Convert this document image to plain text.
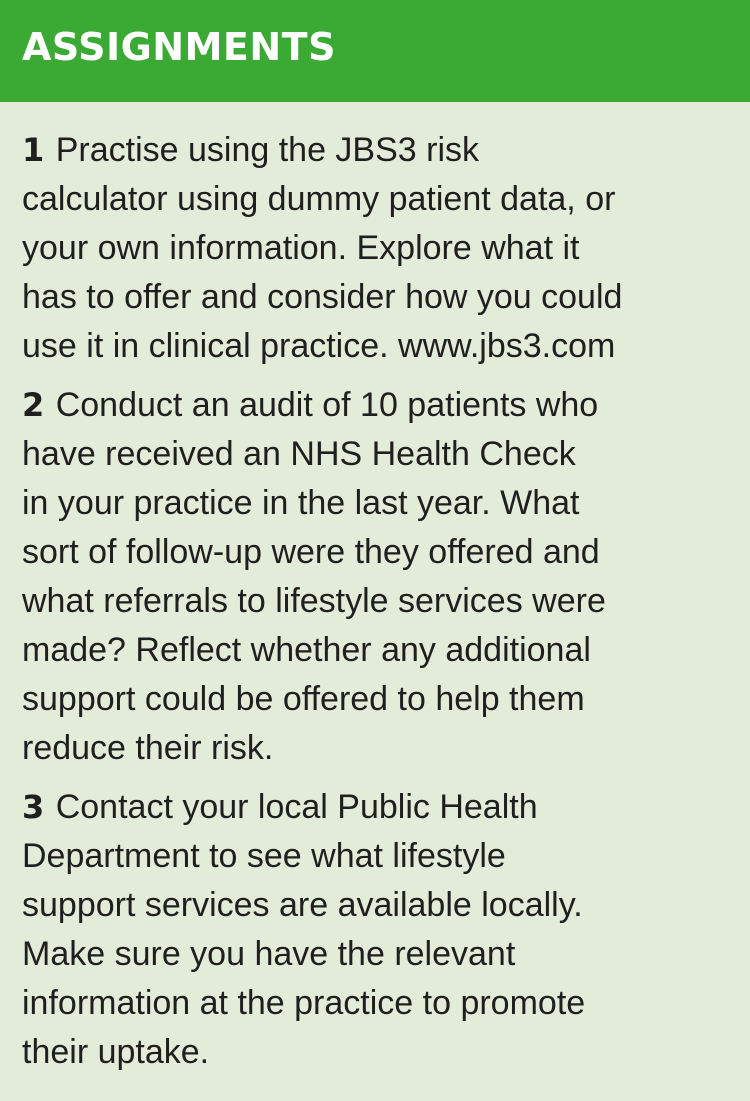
ASSIGNMENTS

1 Practise using the JBS3 risk
calculator using dummy patient data, or
your own information. Explore what it
has to offer and consider how you could
use it in clinical practice. www.jbs3.com

2 Conduct an audit of 10 patients who
have received an NHS Health Check
in your practice in the last year. What
sort of follow-up were they offered and
what referrals to lifestyle services were
made? Reflect whether any additional
support could be offered to help them
reduce their risk.

3 Contact your local Public Health
Department to see what lifestyle
support services are available locally.
Make sure you have the relevant
information at the practice to promote
their uptake.
